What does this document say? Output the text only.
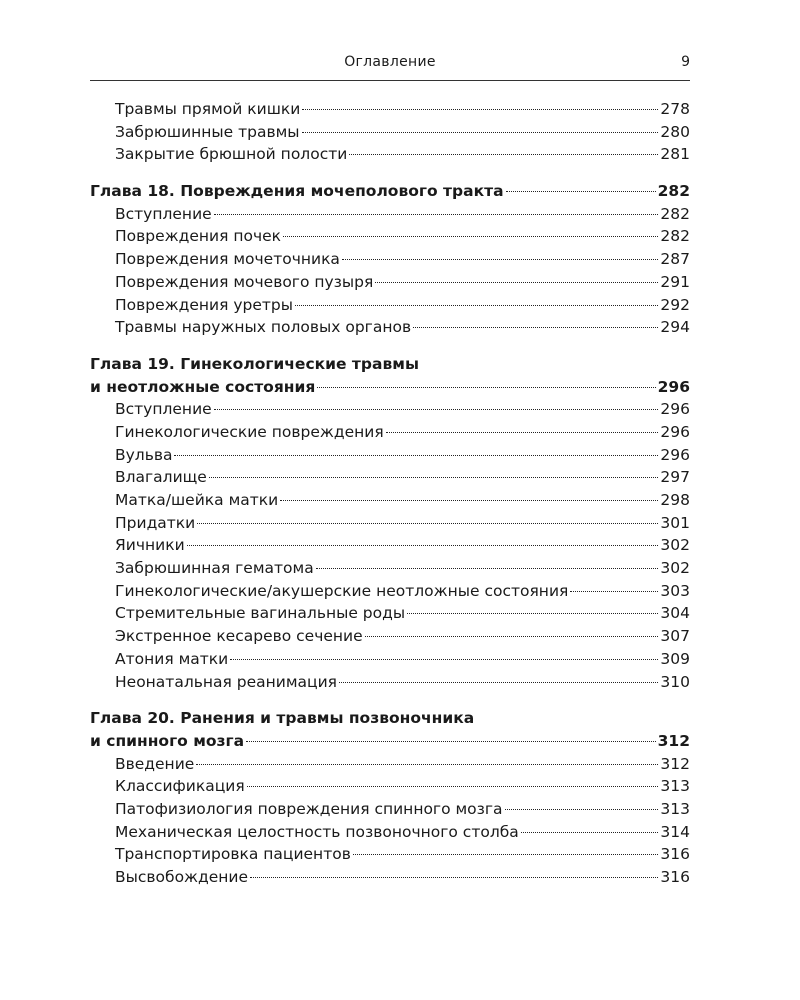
Оглавление	9
Травмы прямой кишки	278
Забрюшинные травмы	280
Закрытие брюшной полости	281
Глава 18. Повреждения мочеполового тракта	282
Вступление	282
Повреждения почек	282
Повреждения мочеточника	287
Повреждения мочевого пузыря	291
Повреждения уретры	292
Травмы наружных половых органов	294
Глава 19. Гинекологические травмы
и неотложные состояния	296
Вступление	296
Гинекологические повреждения	296
Вульва	296
Влагалище	297
Матка/шейка матки	298
Придатки	301
Яичники	302
Забрюшинная гематома	302
Гинекологические/акушерские неотложные состояния	303
Стремительные вагинальные роды	304
Экстренное кесарево сечение	307
Атония матки	309
Неонатальная реанимация	310
Глава 20. Ранения и травмы позвоночника
и спинного мозга	312
Введение	312
Классификация	313
Патофизиология повреждения спинного мозга	313
Механическая целостность позвоночного столба	314
Транспортировка пациентов	316
Высвобождение	316
